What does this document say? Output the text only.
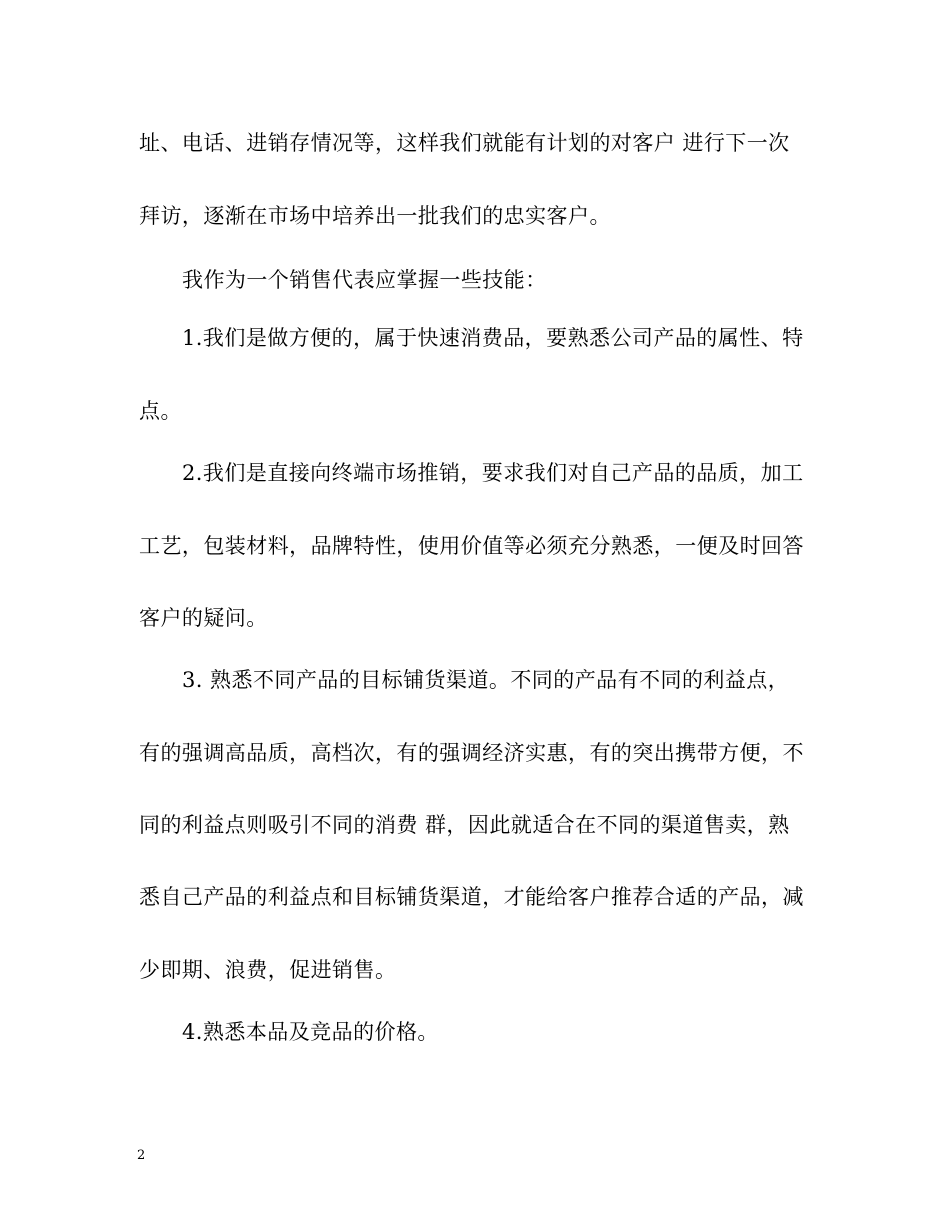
址、电话、进销存情况等，这样我们就能有计划的对客户 进行下一次
拜访，逐渐在市场中培养出一批我们的忠实客户。
我作为一个销售代表应掌握一些技能：
1.我们是做方便的，属于快速消费品，要熟悉公司产品的属性、特
点。
2.我们是直接向终端市场推销，要求我们对自己产品的品质，加工
工艺，包装材料，品牌特性，使用价值等必须充分熟悉，一便及时回答
客户的疑问。
3. 熟悉不同产品的目标铺货渠道。不同的产品有不同的利益点，
有的强调高品质，高档次，有的强调经济实惠，有的突出携带方便，不
同的利益点则吸引不同的消费 群，因此就适合在不同的渠道售卖，熟
悉自己产品的利益点和目标铺货渠道，才能给客户推荐合适的产品，减
少即期、浪费，促进销售。
4.熟悉本品及竞品的价格。
2
